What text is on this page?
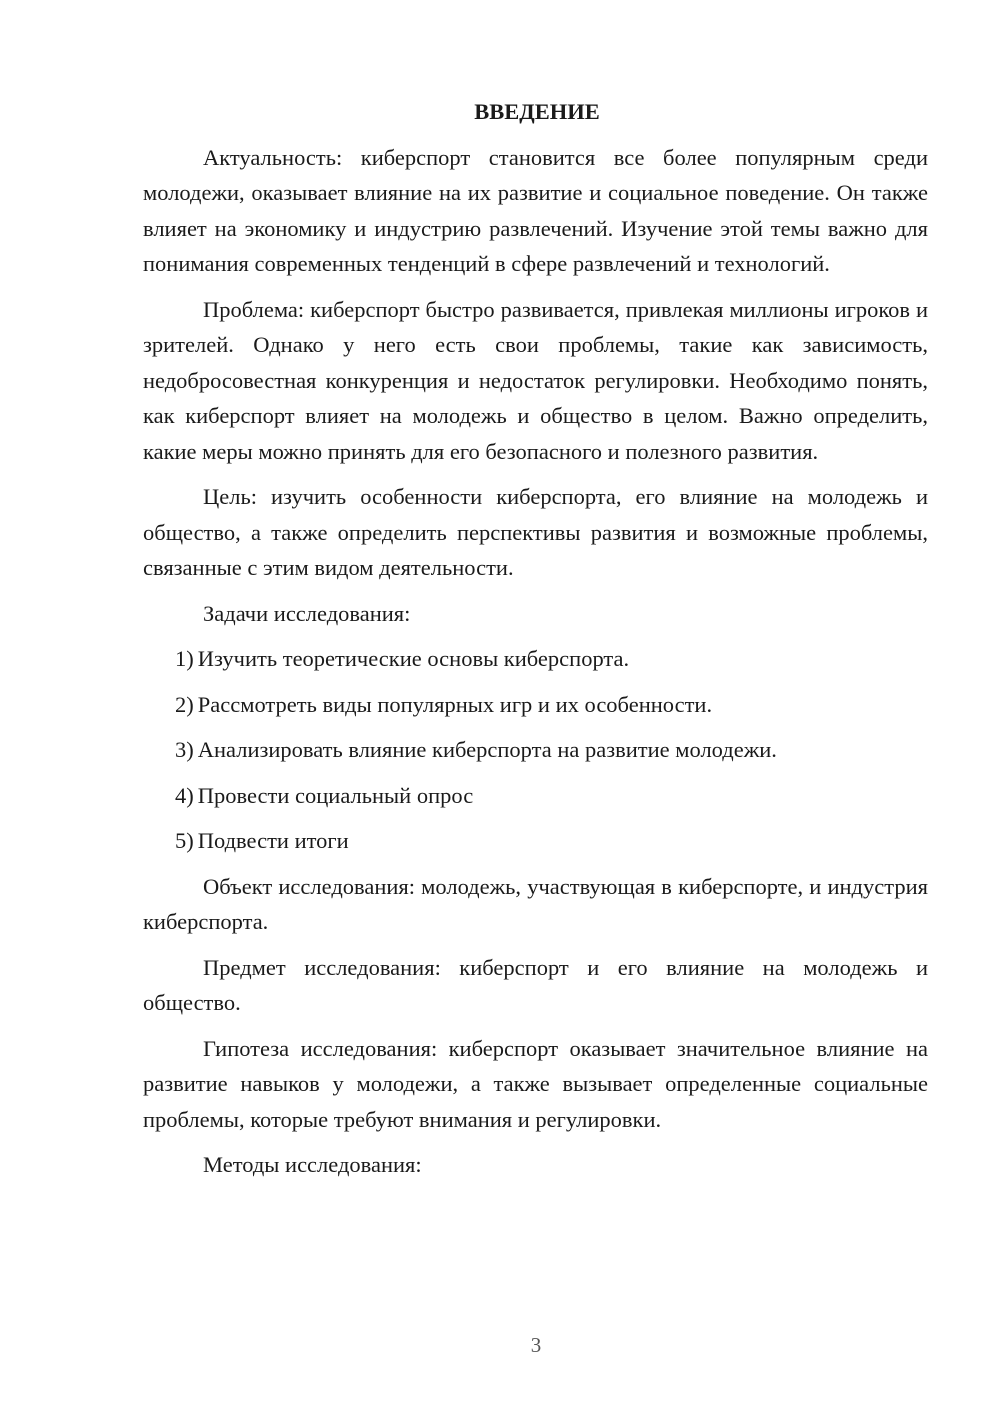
ВВЕДЕНИЕ

Актуальность: киберспорт становится все более популярным среди молодежи, оказывает влияние на их развитие и социальное поведение. Он также влияет на экономику и индустрию развлечений. Изучение этой темы важно для понимания современных тенденций в сфере развлечений и технологий.

Проблема: киберспорт быстро развивается, привлекая миллионы игроков и зрителей. Однако у него есть свои проблемы, такие как зависимость, недобросовестная конкуренция и недостаток регулировки. Необходимо понять, как киберспорт влияет на молодежь и общество в целом. Важно определить, какие меры можно принять для его безопасного и полезного развития.

Цель: изучить особенности киберспорта, его влияние на молодежь и общество, а также определить перспективы развития и возможные проблемы, связанные с этим видом деятельности.

Задачи исследования:

1) Изучить теоретические основы киберспорта.
2) Рассмотреть виды популярных игр и их особенности.
3) Анализировать влияние киберспорта на развитие молодежи.
4) Провести социальный опрос
5) Подвести итоги

Объект исследования: молодежь, участвующая в киберспорте, и индустрия киберспорта.

Предмет исследования: киберспорт и его влияние на молодежь и общество.

Гипотеза исследования: киберспорт оказывает значительное влияние на развитие навыков у молодежи, а также вызывает определенные социальные проблемы, которые требуют внимания и регулировки.

Методы исследования:

3
